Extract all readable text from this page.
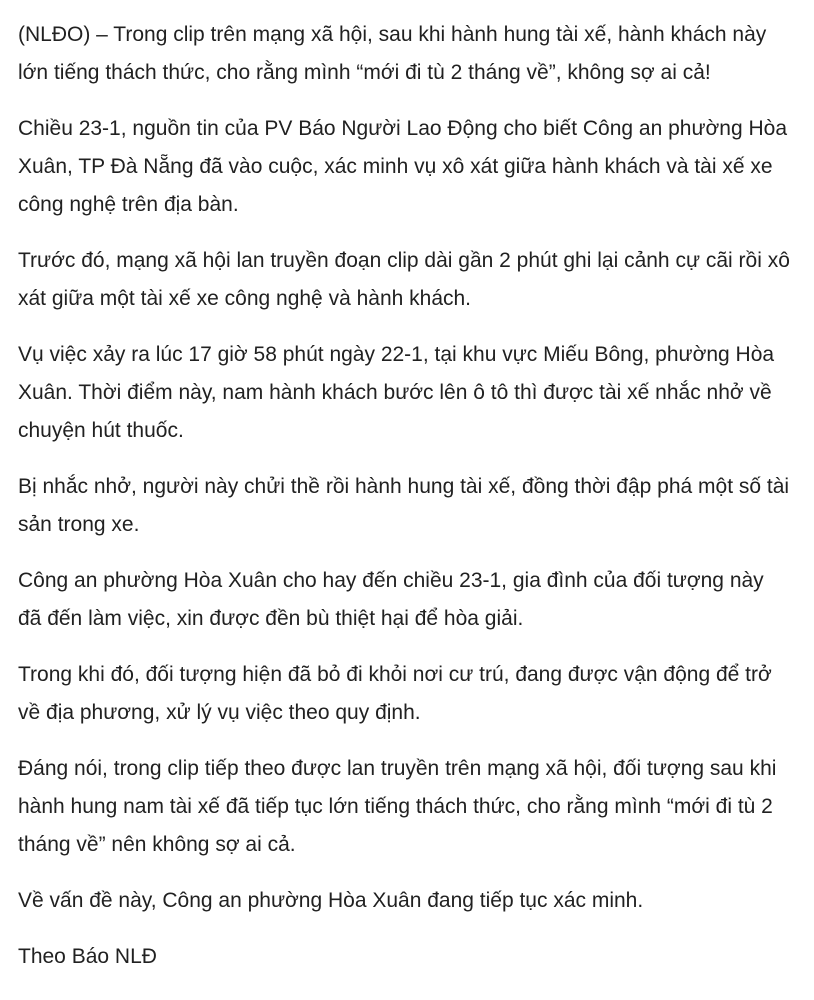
(NLĐO) – Trong clip trên mạng xã hội, sau khi hành hung tài xế, hành khách này lớn tiếng thách thức, cho rằng mình “mới đi tù 2 tháng về”, không sợ ai cả!

Chiều 23-1, nguồn tin của PV Báo Người Lao Động cho biết Công an phường Hòa Xuân, TP Đà Nẵng đã vào cuộc, xác minh vụ xô xát giữa hành khách và tài xế xe công nghệ trên địa bàn.

Trước đó, mạng xã hội lan truyền đoạn clip dài gần 2 phút ghi lại cảnh cự cãi rồi xô xát giữa một tài xế xe công nghệ và hành khách.

Vụ việc xảy ra lúc 17 giờ 58 phút ngày 22-1, tại khu vực Miếu Bông, phường Hòa Xuân. Thời điểm này, nam hành khách bước lên ô tô thì được tài xế nhắc nhở về chuyện hút thuốc.

Bị nhắc nhở, người này chửi thề rồi hành hung tài xế, đồng thời đập phá một số tài sản trong xe.

Công an phường Hòa Xuân cho hay đến chiều 23-1, gia đình của đối tượng này đã đến làm việc, xin được đền bù thiệt hại để hòa giải.

Trong khi đó, đối tượng hiện đã bỏ đi khỏi nơi cư trú, đang được vận động để trở về địa phương, xử lý vụ việc theo quy định.

Đáng nói, trong clip tiếp theo được lan truyền trên mạng xã hội, đối tượng sau khi hành hung nam tài xế đã tiếp tục lớn tiếng thách thức, cho rằng mình “mới đi tù 2 tháng về” nên không sợ ai cả.

Về vấn đề này, Công an phường Hòa Xuân đang tiếp tục xác minh.

Theo Báo NLĐ
